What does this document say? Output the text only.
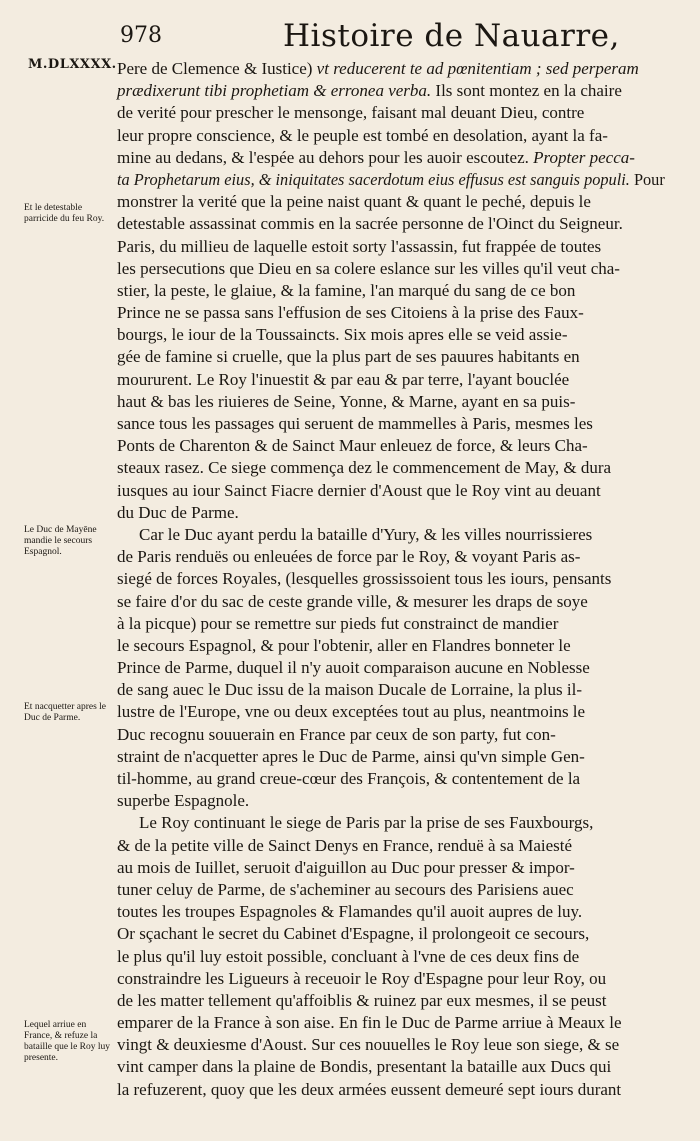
978	Histoire de Nauarre,
M.DLXXXX.
Et le detestable parricide du feu Roy.
Le Duc de Mayēne mandie le secours Espagnol.
Et nacquetter apres le Duc de Parme.
Lequel arriue en France, & refuze la bataille que le Roy luy presente.
Pere de Clemence & Iustice) vt reducerent te ad pœnitentiam ; sed perperam
prædixerunt tibi prophetiam & erronea verba. Ils sont montez en la chaire
de verité pour prescher le mensonge, faisant mal deuant Dieu, contre
leur propre conscience, & le peuple est tombé en desolation, ayant la fa-
mine au dedans, & l'espée au dehors pour les auoir escoutez. Propter pecca-
ta Prophetarum eius, & iniquitates sacerdotum eius effusus est sanguis populi. Pour
monstrer la verité que la peine naist quant & quant le peché, depuis le
detestable assassinat commis en la sacrée personne de l'Oinct du Seigneur.
Paris, du millieu de laquelle estoit sorty l'assassin, fut frappée de toutes
les persecutions que Dieu en sa colere eslance sur les villes qu'il veut cha-
stier, la peste, le glaiue, & la famine, l'an marqué du sang de ce bon
Prince ne se passa sans l'effusion de ses Citoiens à la prise des Faux-
bourgs, le iour de la Toussaincts. Six mois apres elle se veid assie-
gée de famine si cruelle, que la plus part de ses pauures habitants en
moururent. Le Roy l'inuestit & par eau & par terre, l'ayant bouclée
haut & bas les riuieres de Seine, Yonne, & Marne, ayant en sa puis-
sance tous les passages qui seruent de mammelles à Paris, mesmes les
Ponts de Charenton & de Sainct Maur enleuez de force, & leurs Cha-
steaux rasez. Ce siege commença dez le commencement de May, & dura
iusques au iour Sainct Fiacre dernier d'Aoust que le Roy vint au deuant
du Duc de Parme.
Car le Duc ayant perdu la bataille d'Yury, & les villes nourrissieres
de Paris renduës ou enleuées de force par le Roy, & voyant Paris as-
siegé de forces Royales, (lesquelles grossissoient tous les iours, pensants
se faire d'or du sac de ceste grande ville, & mesurer les draps de soye
à la picque) pour se remettre sur pieds fut constrainct de mandier
le secours Espagnol, & pour l'obtenir, aller en Flandres bonneter le
Prince de Parme, duquel il n'y auoit comparaison aucune en Noblesse
de sang auec le Duc issu de la maison Ducale de Lorraine, la plus il-
lustre de l'Europe, vne ou deux exceptées tout au plus, neantmoins le
Duc recognu souuerain en France par ceux de son party, fut con-
straint de n'acquetter apres le Duc de Parme, ainsi qu'vn simple Gen-
til-homme, au grand creue-cœur des François, & contentement de la
superbe Espagnole.
Le Roy continuant le siege de Paris par la prise de ses Fauxbourgs,
& de la petite ville de Sainct Denys en France, renduë à sa Maiesté
au mois de Iuillet, seruoit d'aiguillon au Duc pour presser & impor-
tuner celuy de Parme, de s'acheminer au secours des Parisiens auec
toutes les troupes Espagnoles & Flamandes qu'il auoit aupres de luy.
Or sçachant le secret du Cabinet d'Espagne, il prolongeoit ce secours,
le plus qu'il luy estoit possible, concluant à l'vne de ces deux fins de
constraindre les Ligueurs à receuoir le Roy d'Espagne pour leur Roy, ou
de les matter tellement qu'affoiblis & ruinez par eux mesmes, il se peust
emparer de la France à son aise. En fin le Duc de Parme arriue à Meaux le
vingt & deuxiesme d'Aoust. Sur ces nouuelles le Roy leue son siege, & se
vint camper dans la plaine de Bondis, presentant la bataille aux Ducs qui
la refuzerent, quoy que les deux armées eussent demeuré sept iours durant
